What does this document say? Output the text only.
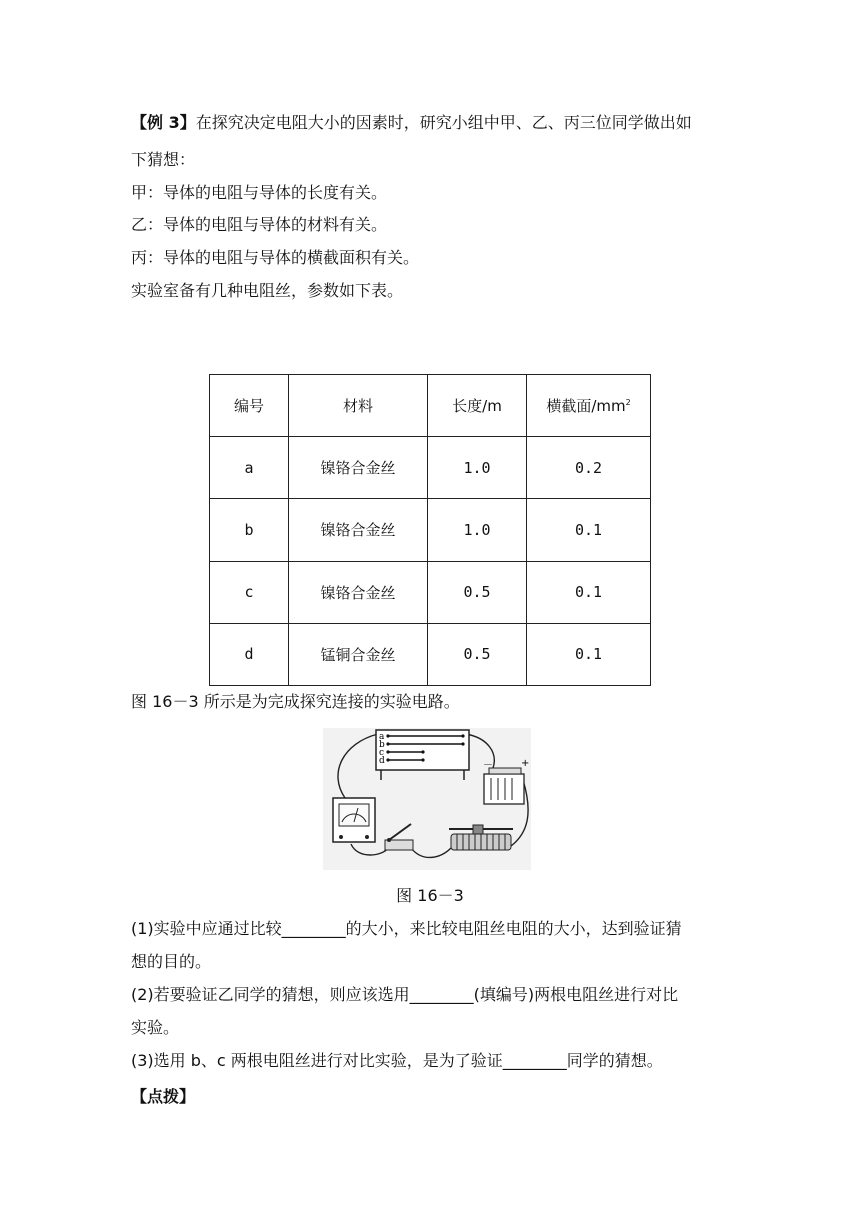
【例 3】在探究决定电阻大小的因素时，研究小组中甲、乙、丙三位同学做出如
下猜想：
甲：导体的电阻与导体的长度有关。
乙：导体的电阻与导体的材料有关。
丙：导体的电阻与导体的横截面积有关。
实验室备有几种电阻丝，参数如下表。
编号	材料	长度/m	横截面$/mm^2$
a	镍铬合金丝	1.0	0.2
b	镍铬合金丝	1.0	0.1
c	镍铬合金丝	0.5	0.1
d	锰铜合金丝	0.5	0.1
图 16－3 所示是为完成探究连接的实验电路。
a
b
c
d	－	+
图 16－3
(1)实验中应通过比较________的大小，来比较电阻丝电阻的大小，达到验证猜
想的目的。
(2)若要验证乙同学的猜想，则应该选用________(填编号)两根电阻丝进行对比
实验。
(3)选用 b、c 两根电阻丝进行对比实验，是为了验证________同学的猜想。
【点拨】
